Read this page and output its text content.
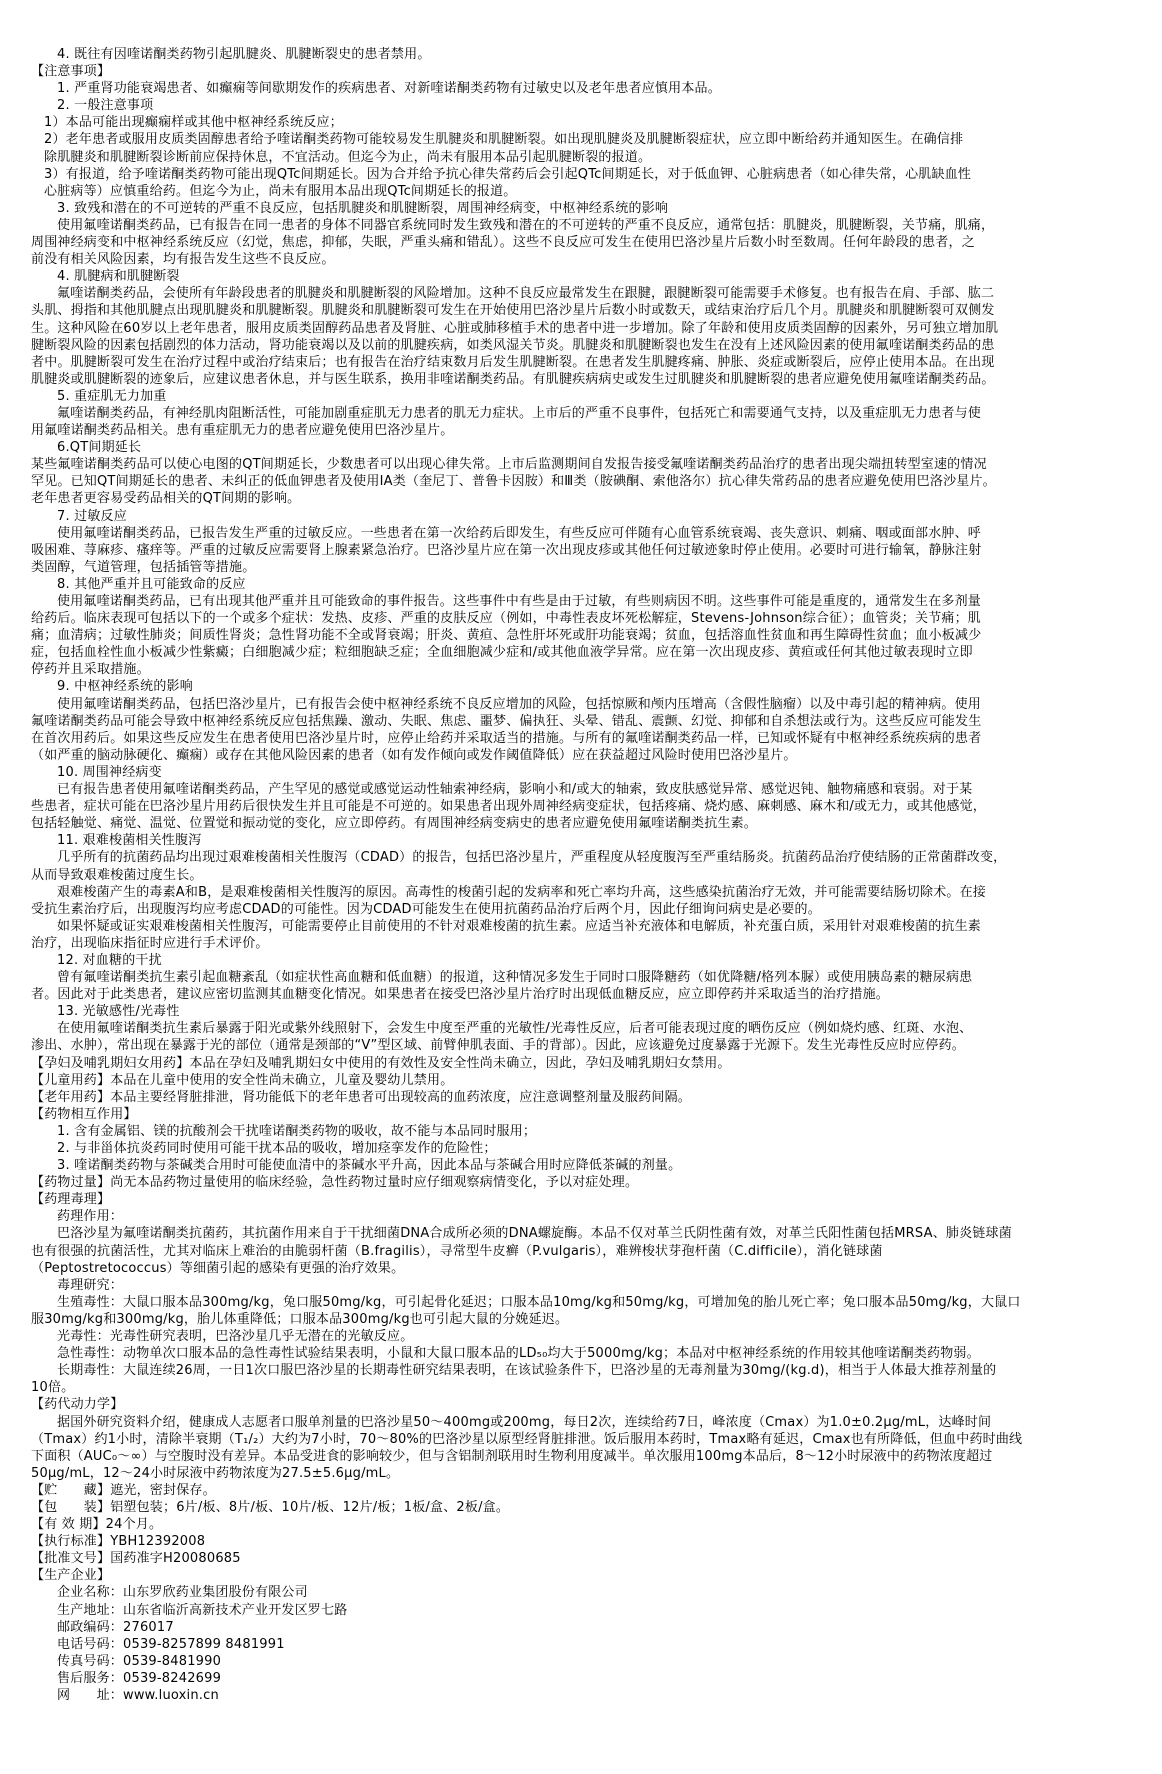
4. 既往有因喹诺酮类药物引起肌腱炎、肌腱断裂史的患者禁用。
【注意事项】
1. 严重肾功能衰竭患者、如癫痫等间歇期发作的疾病患者、对新喹诺酮类药物有过敏史以及老年患者应慎用本品。
2. 一般注意事项
1）本品可能出现癫痫样或其他中枢神经系统反应；
2）老年患者或服用皮质类固醇患者给予喹诺酮类药物可能较易发生肌腱炎和肌腱断裂。如出现肌腱炎及肌腱断裂症状，应立即中断给药并通知医生。在确信排
除肌腱炎和肌腱断裂诊断前应保持休息，不宜活动。但迄今为止，尚未有服用本品引起肌腱断裂的报道。
3）有报道，给予喹诺酮类药物可能出现QTc间期延长。因为合并给予抗心律失常药后会引起QTc间期延长，对于低血钾、心脏病患者（如心律失常，心肌缺血性
心脏病等）应慎重给药。但迄今为止，尚未有服用本品出现QTc间期延长的报道。
3. 致残和潜在的不可逆转的严重不良反应，包括肌腱炎和肌腱断裂，周围神经病变，中枢神经系统的影响
使用氟喹诺酮类药品，已有报告在同一患者的身体不同器官系统同时发生致残和潜在的不可逆转的严重不良反应，通常包括：肌腱炎，肌腱断裂，关节痛，肌痛，
周围神经病变和中枢神经系统反应（幻觉，焦虑，抑郁，失眠，严重头痛和错乱）。这些不良反应可发生在使用巴洛沙星片后数小时至数周。任何年龄段的患者，之
前没有相关风险因素，均有报告发生这些不良反应。
4. 肌腱病和肌腱断裂
氟喹诺酮类药品，会使所有年龄段患者的肌腱炎和肌腱断裂的风险增加。这种不良反应最常发生在跟腱，跟腱断裂可能需要手术修复。也有报告在肩、手部、肱二
头肌、拇指和其他肌腱点出现肌腱炎和肌腱断裂。肌腱炎和肌腱断裂可发生在开始使用巴洛沙星片后数小时或数天，或结束治疗后几个月。肌腱炎和肌腱断裂可双侧发
生。这种风险在60岁以上老年患者，服用皮质类固醇药品患者及肾脏、心脏或肺移植手术的患者中进一步增加。除了年龄和使用皮质类固醇的因素外，另可独立增加肌
腱断裂风险的因素包括剧烈的体力活动，肾功能衰竭以及以前的肌腱疾病，如类风湿关节炎。肌腱炎和肌腱断裂也发生在没有上述风险因素的使用氟喹诺酮类药品的患
者中。肌腱断裂可发生在治疗过程中或治疗结束后；也有报告在治疗结束数月后发生肌腱断裂。在患者发生肌腱疼痛、肿胀、炎症或断裂后，应停止使用本品。在出现
肌腱炎或肌腱断裂的迹象后，应建议患者休息，并与医生联系，换用非喹诺酮类药品。有肌腱疾病病史或发生过肌腱炎和肌腱断裂的患者应避免使用氟喹诺酮类药品。
5. 重症肌无力加重
氟喹诺酮类药品，有神经肌肉阻断活性，可能加剧重症肌无力患者的肌无力症状。上市后的严重不良事件，包括死亡和需要通气支持，以及重症肌无力患者与使
用氟喹诺酮类药品相关。患有重症肌无力的患者应避免使用巴洛沙星片。
6.QT间期延长
某些氟喹诺酮类药品可以使心电图的QT间期延长，少数患者可以出现心律失常。上市后监测期间自发报告接受氟喹诺酮类药品治疗的患者出现尖端扭转型室速的情况
罕见。已知QT间期延长的患者、未纠正的低血钾患者及使用IA类（奎尼丁、普鲁卡因胺）和Ⅲ类（胺碘酮、索他洛尔）抗心律失常药品的患者应避免使用巴洛沙星片。
老年患者更容易受药品相关的QT间期的影响。
7. 过敏反应
使用氟喹诺酮类药品，已报告发生严重的过敏反应。一些患者在第一次给药后即发生，有些反应可伴随有心血管系统衰竭、丧失意识、刺痛、咽或面部水肿、呼
吸困难、荨麻疹、瘙痒等。严重的过敏反应需要肾上腺素紧急治疗。巴洛沙星片应在第一次出现皮疹或其他任何过敏迹象时停止使用。必要时可进行输氧，静脉注射
类固醇，气道管理，包括插管等措施。
8. 其他严重并且可能致命的反应
使用氟喹诺酮类药品，已有出现其他严重并且可能致命的事件报告。这些事件中有些是由于过敏，有些则病因不明。这些事件可能是重度的，通常发生在多剂量
给药后。临床表现可包括以下的一个或多个症状：发热、皮疹、严重的皮肤反应（例如，中毒性表皮坏死松解症，Stevens-Johnson综合征）；血管炎；关节痛；肌
痛；血清病；过敏性肺炎；间质性肾炎；急性肾功能不全或肾衰竭；肝炎、黄疸、急性肝坏死或肝功能衰竭；贫血，包括溶血性贫血和再生障碍性贫血；血小板减少
症，包括血栓性血小板减少性紫癜；白细胞减少症；粒细胞缺乏症；全血细胞减少症和/或其他血液学异常。应在第一次出现皮疹、黄疸或任何其他过敏表现时立即
停药并且采取措施。
9. 中枢神经系统的影响
使用氟喹诺酮类药品，包括巴洛沙星片，已有报告会使中枢神经系统不良反应增加的风险，包括惊厥和颅内压增高（含假性脑瘤）以及中毒引起的精神病。使用
氟喹诺酮类药品可能会导致中枢神经系统反应包括焦躁、激动、失眠、焦虑、噩梦、偏执狂、头晕、错乱、震颤、幻觉、抑郁和自杀想法或行为。这些反应可能发生
在首次用药后。如果这些反应发生在患者使用巴洛沙星片时，应停止给药并采取适当的措施。与所有的氟喹诺酮类药品一样，已知或怀疑有中枢神经系统疾病的患者
（如严重的脑动脉硬化、癫痫）或存在其他风险因素的患者（如有发作倾向或发作阈值降低）应在获益超过风险时使用巴洛沙星片。
10. 周围神经病变
已有报告患者使用氟喹诺酮类药品，产生罕见的感觉或感觉运动性轴索神经病，影响小和/或大的轴索，致皮肤感觉异常、感觉迟钝、触物痛感和衰弱。对于某
些患者，症状可能在巴洛沙星片用药后很快发生并且可能是不可逆的。如果患者出现外周神经病变症状，包括疼痛、烧灼感、麻刺感、麻木和/或无力，或其他感觉，
包括轻触觉、痛觉、温觉、位置觉和振动觉的变化，应立即停药。有周围神经病变病史的患者应避免使用氟喹诺酮类抗生素。
11. 艰难梭菌相关性腹泻
几乎所有的抗菌药品均出现过艰难梭菌相关性腹泻（CDAD）的报告，包括巴洛沙星片，严重程度从轻度腹泻至严重结肠炎。抗菌药品治疗使结肠的正常菌群改变，
从而导致艰难梭菌过度生长。
艰难梭菌产生的毒素A和B，是艰难梭菌相关性腹泻的原因。高毒性的梭菌引起的发病率和死亡率均升高，这些感染抗菌治疗无效，并可能需要结肠切除术。在接
受抗生素治疗后，出现腹泻均应考虑CDAD的可能性。因为CDAD可能发生在使用抗菌药品治疗后两个月，因此仔细询问病史是必要的。
如果怀疑或证实艰难梭菌相关性腹泻，可能需要停止目前使用的不针对艰难梭菌的抗生素。应适当补充液体和电解质，补充蛋白质，采用针对艰难梭菌的抗生素
治疗，出现临床指征时应进行手术评价。
12. 对血糖的干扰
曾有氟喹诺酮类抗生素引起血糖紊乱（如症状性高血糖和低血糖）的报道，这种情况多发生于同时口服降糖药（如优降糖/格列本脲）或使用胰岛素的糖尿病患
者。因此对于此类患者，建议应密切监测其血糖变化情况。如果患者在接受巴洛沙星片治疗时出现低血糖反应，应立即停药并采取适当的治疗措施。
13. 光敏感性/光毒性
在使用氟喹诺酮类抗生素后暴露于阳光或紫外线照射下，会发生中度至严重的光敏性/光毒性反应，后者可能表现过度的晒伤反应（例如烧灼感、红斑、水泡、
渗出、水肿），常出现在暴露于光的部位（通常是颈部的“V”型区域、前臂伸肌表面、手的背部）。因此，应该避免过度暴露于光源下。发生光毒性反应时应停药。
【孕妇及哺乳期妇女用药】本品在孕妇及哺乳期妇女中使用的有效性及安全性尚未确立，因此，孕妇及哺乳期妇女禁用。
【儿童用药】本品在儿童中使用的安全性尚未确立，儿童及婴幼儿禁用。
【老年用药】本品主要经肾脏排泄，肾功能低下的老年患者可出现较高的血药浓度，应注意调整剂量及服药间隔。
【药物相互作用】
1. 含有金属铝、镁的抗酸剂会干扰喹诺酮类药物的吸收，故不能与本品同时服用；
2. 与非甾体抗炎药同时使用可能干扰本品的吸收，增加痉挛发作的危险性；
3. 喹诺酮类药物与茶碱类合用时可能使血清中的茶碱水平升高，因此本品与茶碱合用时应降低茶碱的剂量。
【药物过量】尚无本品药物过量使用的临床经验，急性药物过量时应仔细观察病情变化，予以对症处理。
【药理毒理】
药理作用：
巴洛沙星为氟喹诺酮类抗菌药，其抗菌作用来自于干扰细菌DNA合成所必须的DNA螺旋酶。本品不仅对革兰氏阴性菌有效，对革兰氏阳性菌包括MRSA、肺炎链球菌
也有很强的抗菌活性，尤其对临床上难治的由脆弱杆菌（B.fragilis），寻常型牛皮癣（P.vulgaris），难辨梭状芽孢杆菌（C.difficile），消化链球菌
（Peptostretococcus）等细菌引起的感染有更强的治疗效果。
毒理研究：
生殖毒性：大鼠口服本品300mg/kg，兔口服50mg/kg，可引起骨化延迟；口服本品10mg/kg和50mg/kg，可增加兔的胎儿死亡率；兔口服本品50mg/kg，大鼠口
服30mg/kg和300mg/kg，胎儿体重降低；口服本品300mg/kg也可引起大鼠的分娩延迟。
光毒性：光毒性研究表明，巴洛沙星几乎无潜在的光敏反应。
急性毒性：动物单次口服本品的急性毒性试验结果表明，小鼠和大鼠口服本品的LD₅₀均大于5000mg/kg；本品对中枢神经系统的作用较其他喹诺酮类药物弱。
长期毒性：大鼠连续26周，一日1次口服巴洛沙星的长期毒性研究结果表明，在该试验条件下，巴洛沙星的无毒剂量为30mg/(kg.d)，相当于人体最大推荐剂量的
10倍。
【药代动力学】
据国外研究资料介绍，健康成人志愿者口服单剂量的巴洛沙星50～400mg或200mg，每日2次，连续给药7日，峰浓度（Cmax）为1.0±0.2μg/mL，达峰时间
（Tmax）约1小时，清除半衰期（T₁/₂）大约为7小时，70～80%的巴洛沙星以原型经肾脏排泄。饭后服用本药时，Tmax略有延迟，Cmax也有所降低，但血中药时曲线
下面积（AUC₀～∞）与空腹时没有差异。本品受进食的影响较少，但与含铝制剂联用时生物利用度减半。单次服用100mg本品后，8～12小时尿液中的药物浓度超过
50μg/mL，12～24小时尿液中药物浓度为27.5±5.6μg/mL。
【贮　　藏】遮光，密封保存。
【包　　装】铝塑包装；6片/板、8片/板、10片/板、12片/板；1板/盒、2板/盒。
【有 效 期】24个月。
【执行标准】YBH12392008
【批准文号】国药准字H20080685
【生产企业】
企业名称：山东罗欣药业集团股份有限公司
生产地址：山东省临沂高新技术产业开发区罗七路
邮政编码：276017
电话号码：0539-8257899 8481991
传真号码：0539-8481990
售后服务：0539-8242699
网　　址：www.luoxin.cn
